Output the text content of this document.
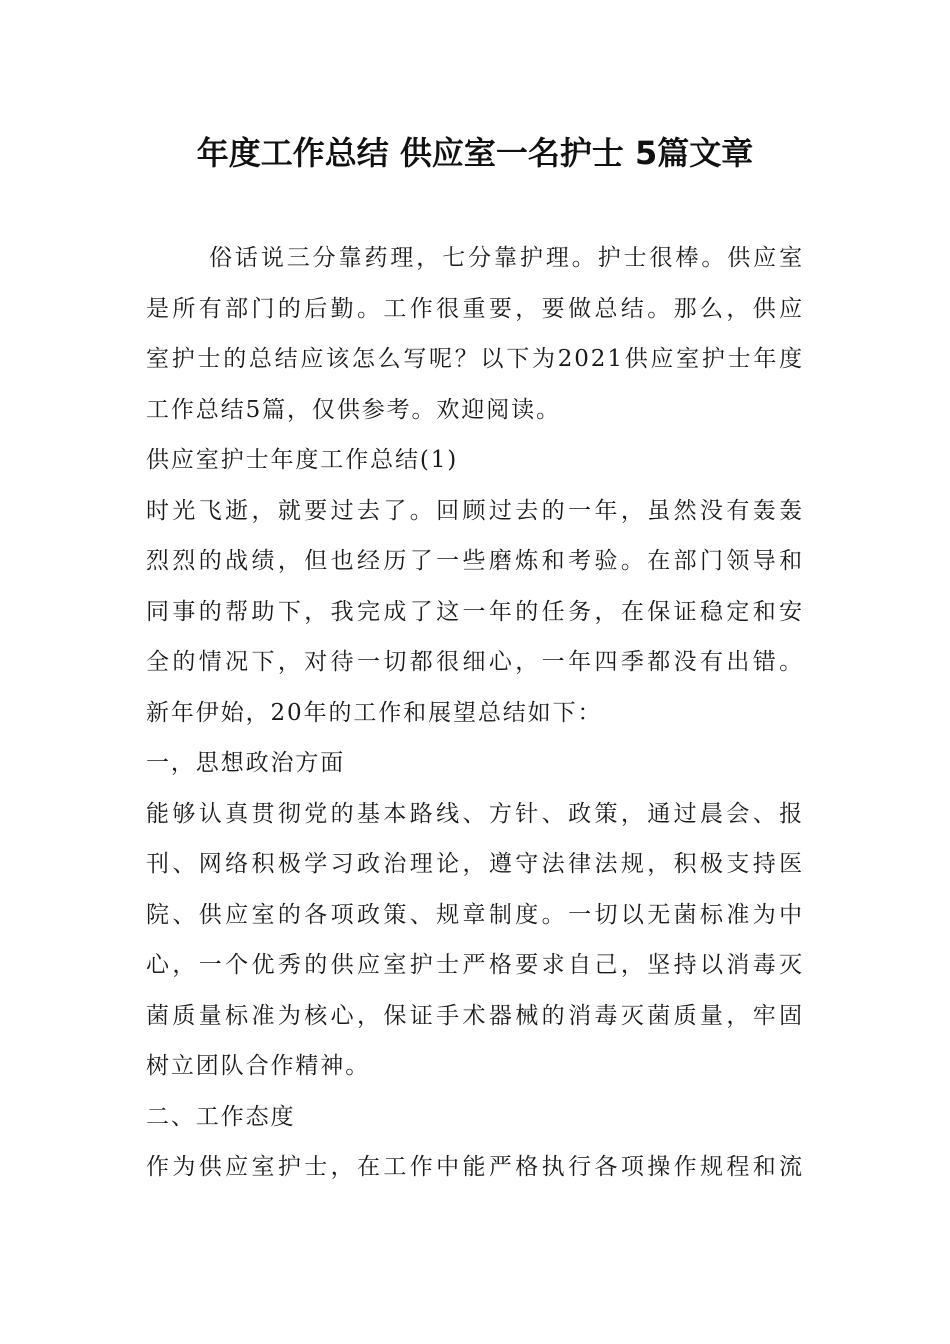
年度工作总结 供应室一名护士 5篇文章
俗话说三分靠药理，七分靠护理。护士很棒。供应室
是所有部门的后勤。工作很重要，要做总结。那么，供应
室护士的总结应该怎么写呢？以下为2021供应室护士年度
工作总结5篇，仅供参考。欢迎阅读。
供应室护士年度工作总结(1)
时光飞逝，就要过去了。回顾过去的一年，虽然没有轰轰
烈烈的战绩，但也经历了一些磨炼和考验。在部门领导和
同事的帮助下，我完成了这一年的任务，在保证稳定和安
全的情况下，对待一切都很细心，一年四季都没有出错。
新年伊始，20年的工作和展望总结如下：
一，思想政治方面
能够认真贯彻党的基本路线、方针、政策，通过晨会、报
刊、网络积极学习政治理论，遵守法律法规，积极支持医
院、供应室的各项政策、规章制度。一切以无菌标准为中
心，一个优秀的供应室护士严格要求自己，坚持以消毒灭
菌质量标准为核心，保证手术器械的消毒灭菌质量，牢固
树立团队合作精神。
二、工作态度
作为供应室护士，在工作中能严格执行各项操作规程和流
